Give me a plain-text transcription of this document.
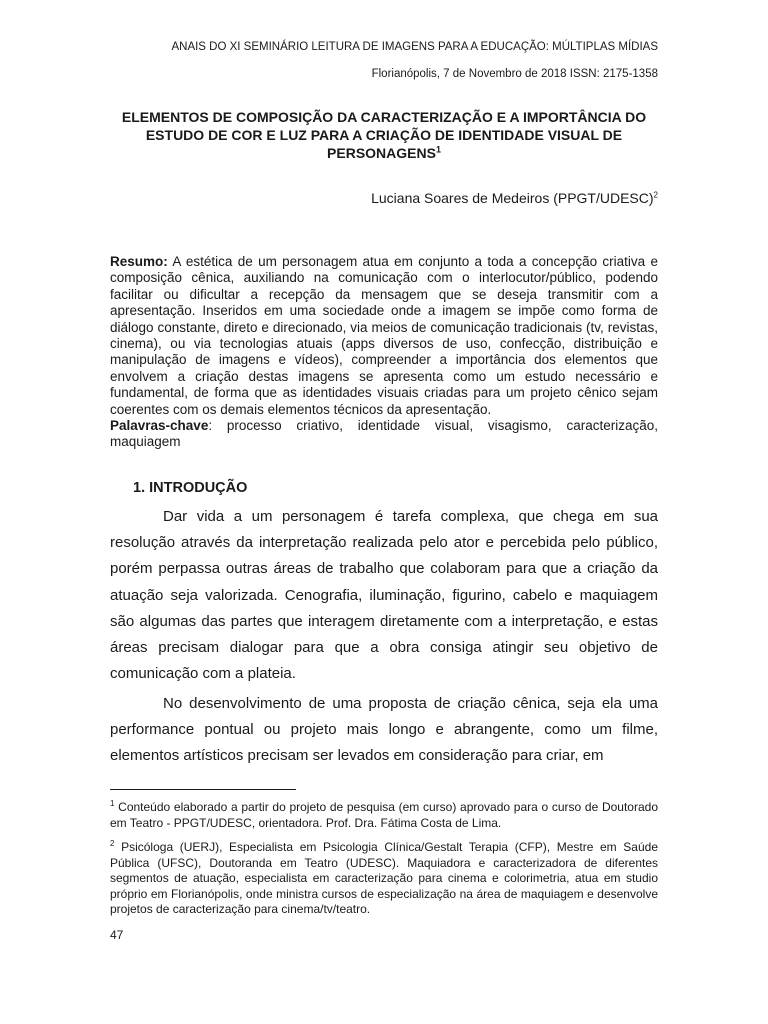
ANAIS DO XI SEMINÁRIO LEITURA DE IMAGENS PARA A EDUCAÇÃO: MÚLTIPLAS MÍDIAS
Florianópolis, 7 de Novembro de 2018 ISSN: 2175-1358
ELEMENTOS DE COMPOSIÇÃO DA CARACTERIZAÇÃO E A IMPORTÂNCIA DO ESTUDO DE COR E LUZ PARA A CRIAÇÃO DE IDENTIDADE VISUAL DE PERSONAGENS$^1$
Luciana Soares de Medeiros (PPGT/UDESC)$^2$
Resumo: A estética de um personagem atua em conjunto a toda a concepção criativa e composição cênica, auxiliando na comunicação com o interlocutor/público, podendo facilitar ou dificultar a recepção da mensagem que se deseja transmitir com a apresentação. Inseridos em uma sociedade onde a imagem se impõe como forma de diálogo constante, direto e direcionado, via meios de comunicação tradicionais (tv, revistas, cinema), ou via tecnologias atuais (apps diversos de uso, confecção, distribuição e manipulação de imagens e vídeos), compreender a importância dos elementos que envolvem a criação destas imagens se apresenta como um estudo necessário e fundamental, de forma que as identidades visuais criadas para um projeto cênico sejam coerentes com os demais elementos técnicos da apresentação.
Palavras-chave: processo criativo, identidade visual, visagismo, caracterização, maquiagem
1. INTRODUÇÃO

Dar vida a um personagem é tarefa complexa, que chega em sua resolução através da interpretação realizada pelo ator e percebida pelo público, porém perpassa outras áreas de trabalho que colaboram para que a criação da atuação seja valorizada. Cenografia, iluminação, figurino, cabelo e maquiagem são algumas das partes que interagem diretamente com a interpretação, e estas áreas precisam dialogar para que a obra consiga atingir seu objetivo de comunicação com a plateia.

No desenvolvimento de uma proposta de criação cênica, seja ela uma performance pontual ou projeto mais longo e abrangente, como um filme, elementos artísticos precisam ser levados em consideração para criar, em

$^1$ Conteúdo elaborado a partir do projeto de pesquisa (em curso) aprovado para o curso de Doutorado em Teatro - PPGT/UDESC, orientadora. Prof. Dra. Fátima Costa de Lima.
$^2$ Psicóloga (UERJ), Especialista em Psicologia Clínica/Gestalt Terapia (CFP), Mestre em Saúde Pública (UFSC), Doutoranda em Teatro (UDESC). Maquiadora e caracterizadora de diferentes segmentos de atuação, especialista em caracterização para cinema e colorimetria, atua em studio próprio em Florianópolis, onde ministra cursos de especialização na área de maquiagem e desenvolve projetos de caracterização para cinema/tv/teatro.
47
